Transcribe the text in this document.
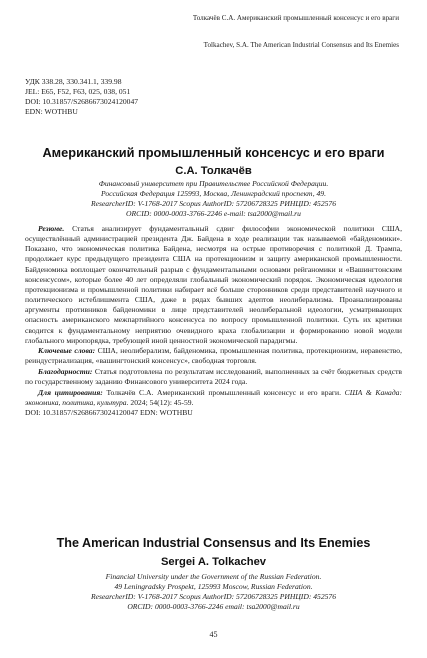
Толкачёв С.А. Американский промышленный консенсус и его враги
Tolkachev, S.A. The American Industrial Consensus and Its Enemies
УДК 338.28, 330.341.1, 339.98
JEL: E65, F52, F63, 025, 038, 051
DOI: 10.31857/S2686673024120047
EDN: WOTHBU
Американский промышленный консенсус и его враги
С.А. Толкачёв
Финансовый университет при Правительстве Российской Федерации.
Российская Федерация 125993, Москва, Ленинградский проспект, 49.
ResearcherID: V-1768-2017 Scopus AuthorID: 57206728325 РИНЦID: 452576
ORCID: 0000-0003-3766-2246 e-mail: tsa2000@mail.ru

Резюме. Статья анализирует фундаментальный сдвиг философии экономической политики США, осуществлённый администрацией президента Дж. Байдена в ходе реализации так называемой «байденомики». Показано, что экономическая политика Байдена, несмотря на острые противоречия с политикой Д. Трампа, продолжает курс предыдущего президента США на протекционизм и защиту американской промышленности. Байденомика воплощает окончательный разрыв с фундаментальными основами рейганомики и «Вашингтонским консенсусом», которые более 40 лет определяли глобальный экономический порядок. Экономическая идеология протекционизма и промышленной политики набирает всё больше сторонников среди представителей научного и политического истеблишмента США, даже в рядах бывших адептов неолиберализма. Проанализированы аргументы противников байденомики в лице представителей неолиберальной идеологии, усматривающих опасность американского межпартийного консенсуса по вопросу промышленной политики. Суть их критики сводится к фундаментальному неприятию очевидного краха глобализации и формированию новой модели глобального миропорядка, требующей иной ценностной экономической парадигмы.

Ключевые слова: США, неолиберализм, байденомика, промышленная политика, протекционизм, неравенство, реиндустриализация, «вашингтонский консенсус», свободная торговля.

Благодарности: Статья подготовлена по результатам исследований, выполненных за счёт бюджетных средств по государственному заданию Финансового университета 2024 года.

Для цитирования: Толкачёв С.А. Американский промышленный консенсус и его враги. США & Канада: экономика, политика, культура. 2024; 54(12): 45-59.
DOI: 10.31857/S2686673024120047 EDN: WOTHBU

The American Industrial Consensus and Its Enemies
Sergei A. Tolkachev
Financial University under the Government of the Russian Federation.
49 Leningradsky Prospekt, 125993 Moscow, Russian Federation.
ResearcherID: V-1768-2017 Scopus AuthorID: 57206728325 РИНЦID: 452576
ORCID: 0000-0003-3766-2246 email: tsa2000@mail.ru
45
